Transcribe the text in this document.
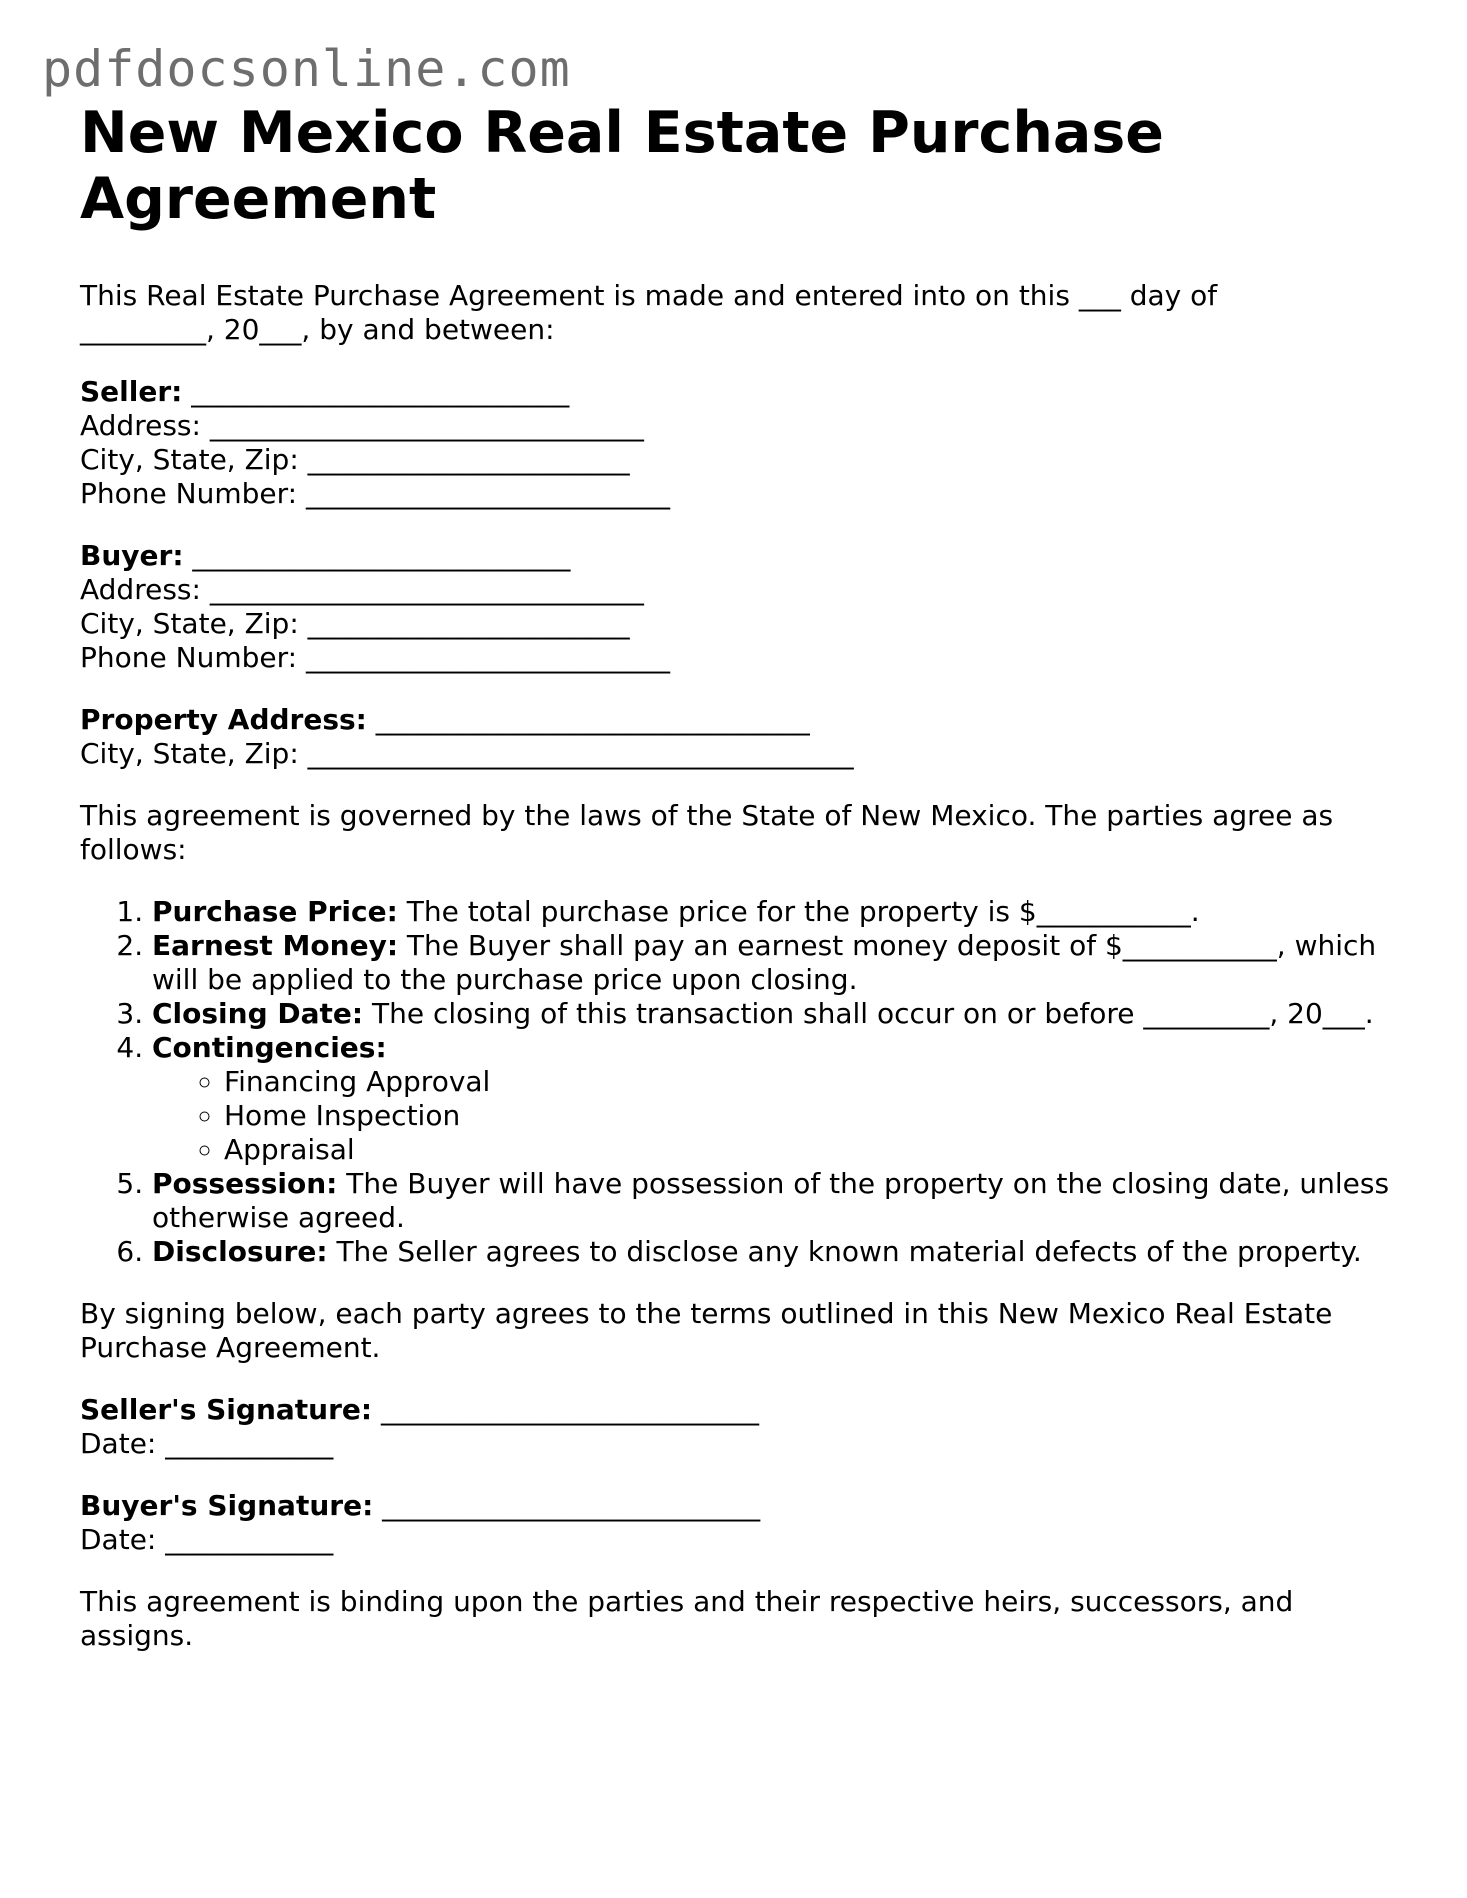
pdfdocsonline.com
New Mexico Real Estate Purchase Agreement

This Real Estate Purchase Agreement is made and entered into on this ___ day of
_________, 20___, by and between:

Seller: ___________________________
Address: _______________________________
City, State, Zip: _______________________
Phone Number: __________________________

Buyer: ___________________________
Address: _______________________________
City, State, Zip: _______________________
Phone Number: __________________________

Property Address: _______________________________
City, State, Zip: _______________________________________

This agreement is governed by the laws of the State of New Mexico. The parties agree as follows:

1. Purchase Price: The total purchase price for the property is $___________.
2. Earnest Money: The Buyer shall pay an earnest money deposit of $___________, which will be applied to the purchase price upon closing.
3. Closing Date: The closing of this transaction shall occur on or before _________, 20___.
4. Contingencies:
◦ Financing Approval
◦ Home Inspection
◦ Appraisal
5. Possession: The Buyer will have possession of the property on the closing date, unless otherwise agreed.
6. Disclosure: The Seller agrees to disclose any known material defects of the property.

By signing below, each party agrees to the terms outlined in this New Mexico Real Estate Purchase Agreement.

Seller's Signature: ___________________________
Date: ____________

Buyer's Signature: ___________________________
Date: ____________

This agreement is binding upon the parties and their respective heirs, successors, and assigns.
